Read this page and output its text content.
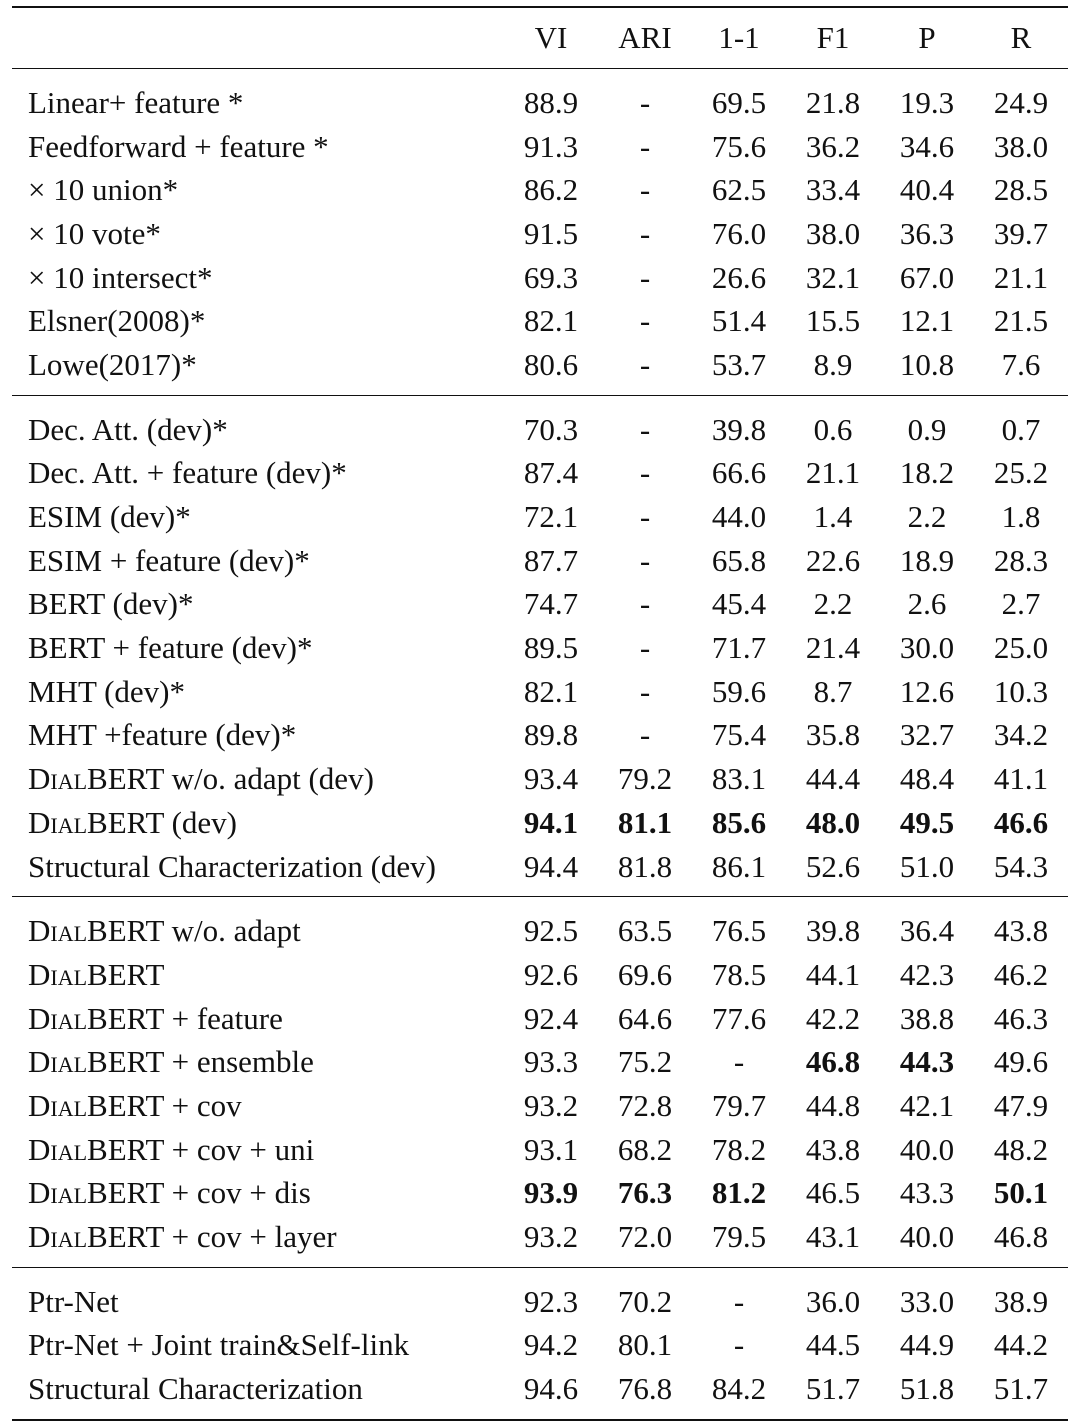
	VI	ARI	1-1	F1	P	R
Linear+ feature *	88.9	-	69.5	21.8	19.3	24.9
Feedforward + feature *	91.3	-	75.6	36.2	34.6	38.0
× 10 union*	86.2	-	62.5	33.4	40.4	28.5
× 10 vote*	91.5	-	76.0	38.0	36.3	39.7
× 10 intersect*	69.3	-	26.6	32.1	67.0	21.1
Elsner(2008)*	82.1	-	51.4	15.5	12.1	21.5
Lowe(2017)*	80.6	-	53.7	8.9	10.8	7.6
Dec. Att. (dev)*	70.3	-	39.8	0.6	0.9	0.7
Dec. Att. + feature (dev)*	87.4	-	66.6	21.1	18.2	25.2
ESIM (dev)*	72.1	-	44.0	1.4	2.2	1.8
ESIM + feature (dev)*	87.7	-	65.8	22.6	18.9	28.3
BERT (dev)*	74.7	-	45.4	2.2	2.6	2.7
BERT + feature (dev)*	89.5	-	71.7	21.4	30.0	25.0
MHT (dev)*	82.1	-	59.6	8.7	12.6	10.3
MHT +feature (dev)*	89.8	-	75.4	35.8	32.7	34.2
DialBERT w/o. adapt (dev)	93.4	79.2	83.1	44.4	48.4	41.1
DialBERT (dev)	94.1	81.1	85.6	48.0	49.5	46.6
Structural Characterization (dev)	94.4	81.8	86.1	52.6	51.0	54.3
DialBERT w/o. adapt	92.5	63.5	76.5	39.8	36.4	43.8
DialBERT	92.6	69.6	78.5	44.1	42.3	46.2
DialBERT + feature	92.4	64.6	77.6	42.2	38.8	46.3
DialBERT + ensemble	93.3	75.2	-	46.8	44.3	49.6
DialBERT + cov	93.2	72.8	79.7	44.8	42.1	47.9
DialBERT + cov + uni	93.1	68.2	78.2	43.8	40.0	48.2
DialBERT + cov + dis	93.9	76.3	81.2	46.5	43.3	50.1
DialBERT + cov + layer	93.2	72.0	79.5	43.1	40.0	46.8
Ptr-Net	92.3	70.2	-	36.0	33.0	38.9
Ptr-Net + Joint train&Self-link	94.2	80.1	-	44.5	44.9	44.2
Structural Characterization	94.6	76.8	84.2	51.7	51.8	51.7
